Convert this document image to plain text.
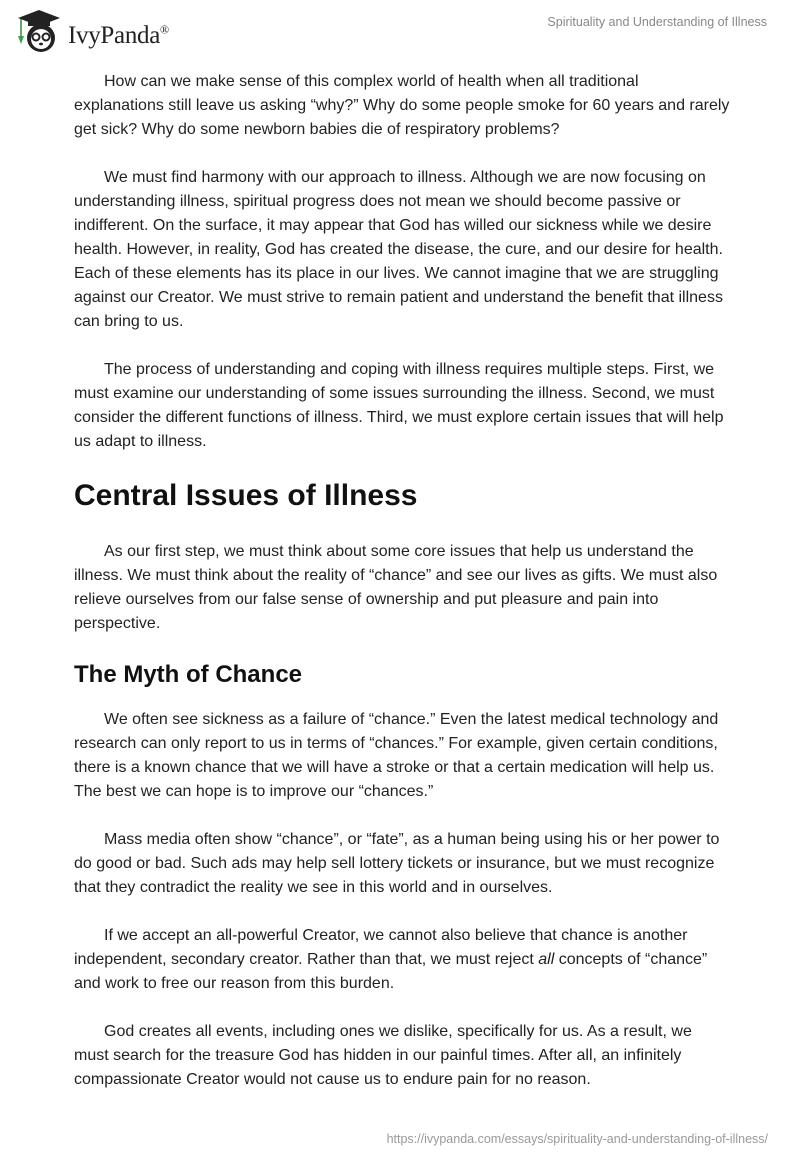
IvyPanda®
Spirituality and Understanding of Illness

How can we make sense of this complex world of health when all traditional explanations still leave us asking “why?” Why do some people smoke for 60 years and rarely get sick? Why do some newborn babies die of respiratory problems?

We must find harmony with our approach to illness. Although we are now focusing on understanding illness, spiritual progress does not mean we should become passive or indifferent. On the surface, it may appear that God has willed our sickness while we desire health. However, in reality, God has created the disease, the cure, and our desire for health. Each of these elements has its place in our lives. We cannot imagine that we are struggling against our Creator. We must strive to remain patient and understand the benefit that illness can bring to us.

The process of understanding and coping with illness requires multiple steps. First, we must examine our understanding of some issues surrounding the illness. Second, we must consider the different functions of illness. Third, we must explore certain issues that will help us adapt to illness.

Central Issues of Illness

As our first step, we must think about some core issues that help us understand the illness. We must think about the reality of “chance” and see our lives as gifts. We must also relieve ourselves from our false sense of ownership and put pleasure and pain into perspective.

The Myth of Chance

We often see sickness as a failure of “chance.” Even the latest medical technology and research can only report to us in terms of “chances.” For example, given certain conditions, there is a known chance that we will have a stroke or that a certain medication will help us. The best we can hope is to improve our “chances.”

Mass media often show “chance”, or “fate”, as a human being using his or her power to do good or bad. Such ads may help sell lottery tickets or insurance, but we must recognize that they contradict the reality we see in this world and in ourselves.

If we accept an all-powerful Creator, we cannot also believe that chance is another independent, secondary creator. Rather than that, we must reject all concepts of “chance” and work to free our reason from this burden.

God creates all events, including ones we dislike, specifically for us. As a result, we must search for the treasure God has hidden in our painful times. After all, an infinitely compassionate Creator would not cause us to endure pain for no reason.

https://ivypanda.com/essays/spirituality-and-understanding-of-illness/
